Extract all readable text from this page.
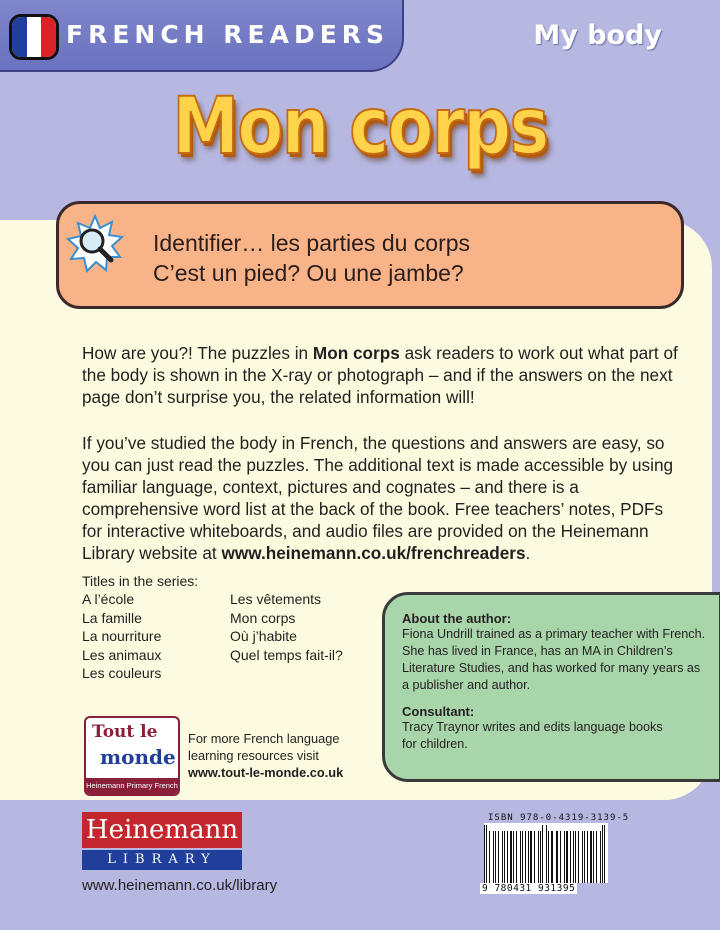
FRENCH READERS	My body
Mon corps
Identifier… les parties du corps
C’est un pied? Ou une jambe?
How are you?! The puzzles in Mon corps ask readers to work out what part of the body is shown in the X-ray or photograph – and if the answers on the next page don’t surprise you, the related information will!
If you’ve studied the body in French, the questions and answers are easy, so you can just read the puzzles. The additional text is made accessible by using familiar language, context, pictures and cognates – and there is a comprehensive word list at the back of the book. Free teachers’ notes, PDFs for interactive whiteboards, and audio files are provided on the Heinemann Library website at www.heinemann.co.uk/frenchreaders.
Titles in the series:
A l’école
La famille
La nourriture
Les animaux
Les couleurs
Les vêtements
Mon corps
Où j’habite
Quel temps fait-il?
About the author:
Fiona Undrill trained as a primary teacher with French.
She has lived in France, has an MA in Children’s
Literature Studies, and has worked for many years as
a publisher and author.
Consultant:
Tracy Traynor writes and edits language books
for children.
Tout le
monde
Heinemann Primary French
For more French language
learning resources visit
www.tout-le-monde.co.uk
Heinemann
LIBRARY
www.heinemann.co.uk/library
ISBN 978-0-4319-3139-5
9 780431 931395
